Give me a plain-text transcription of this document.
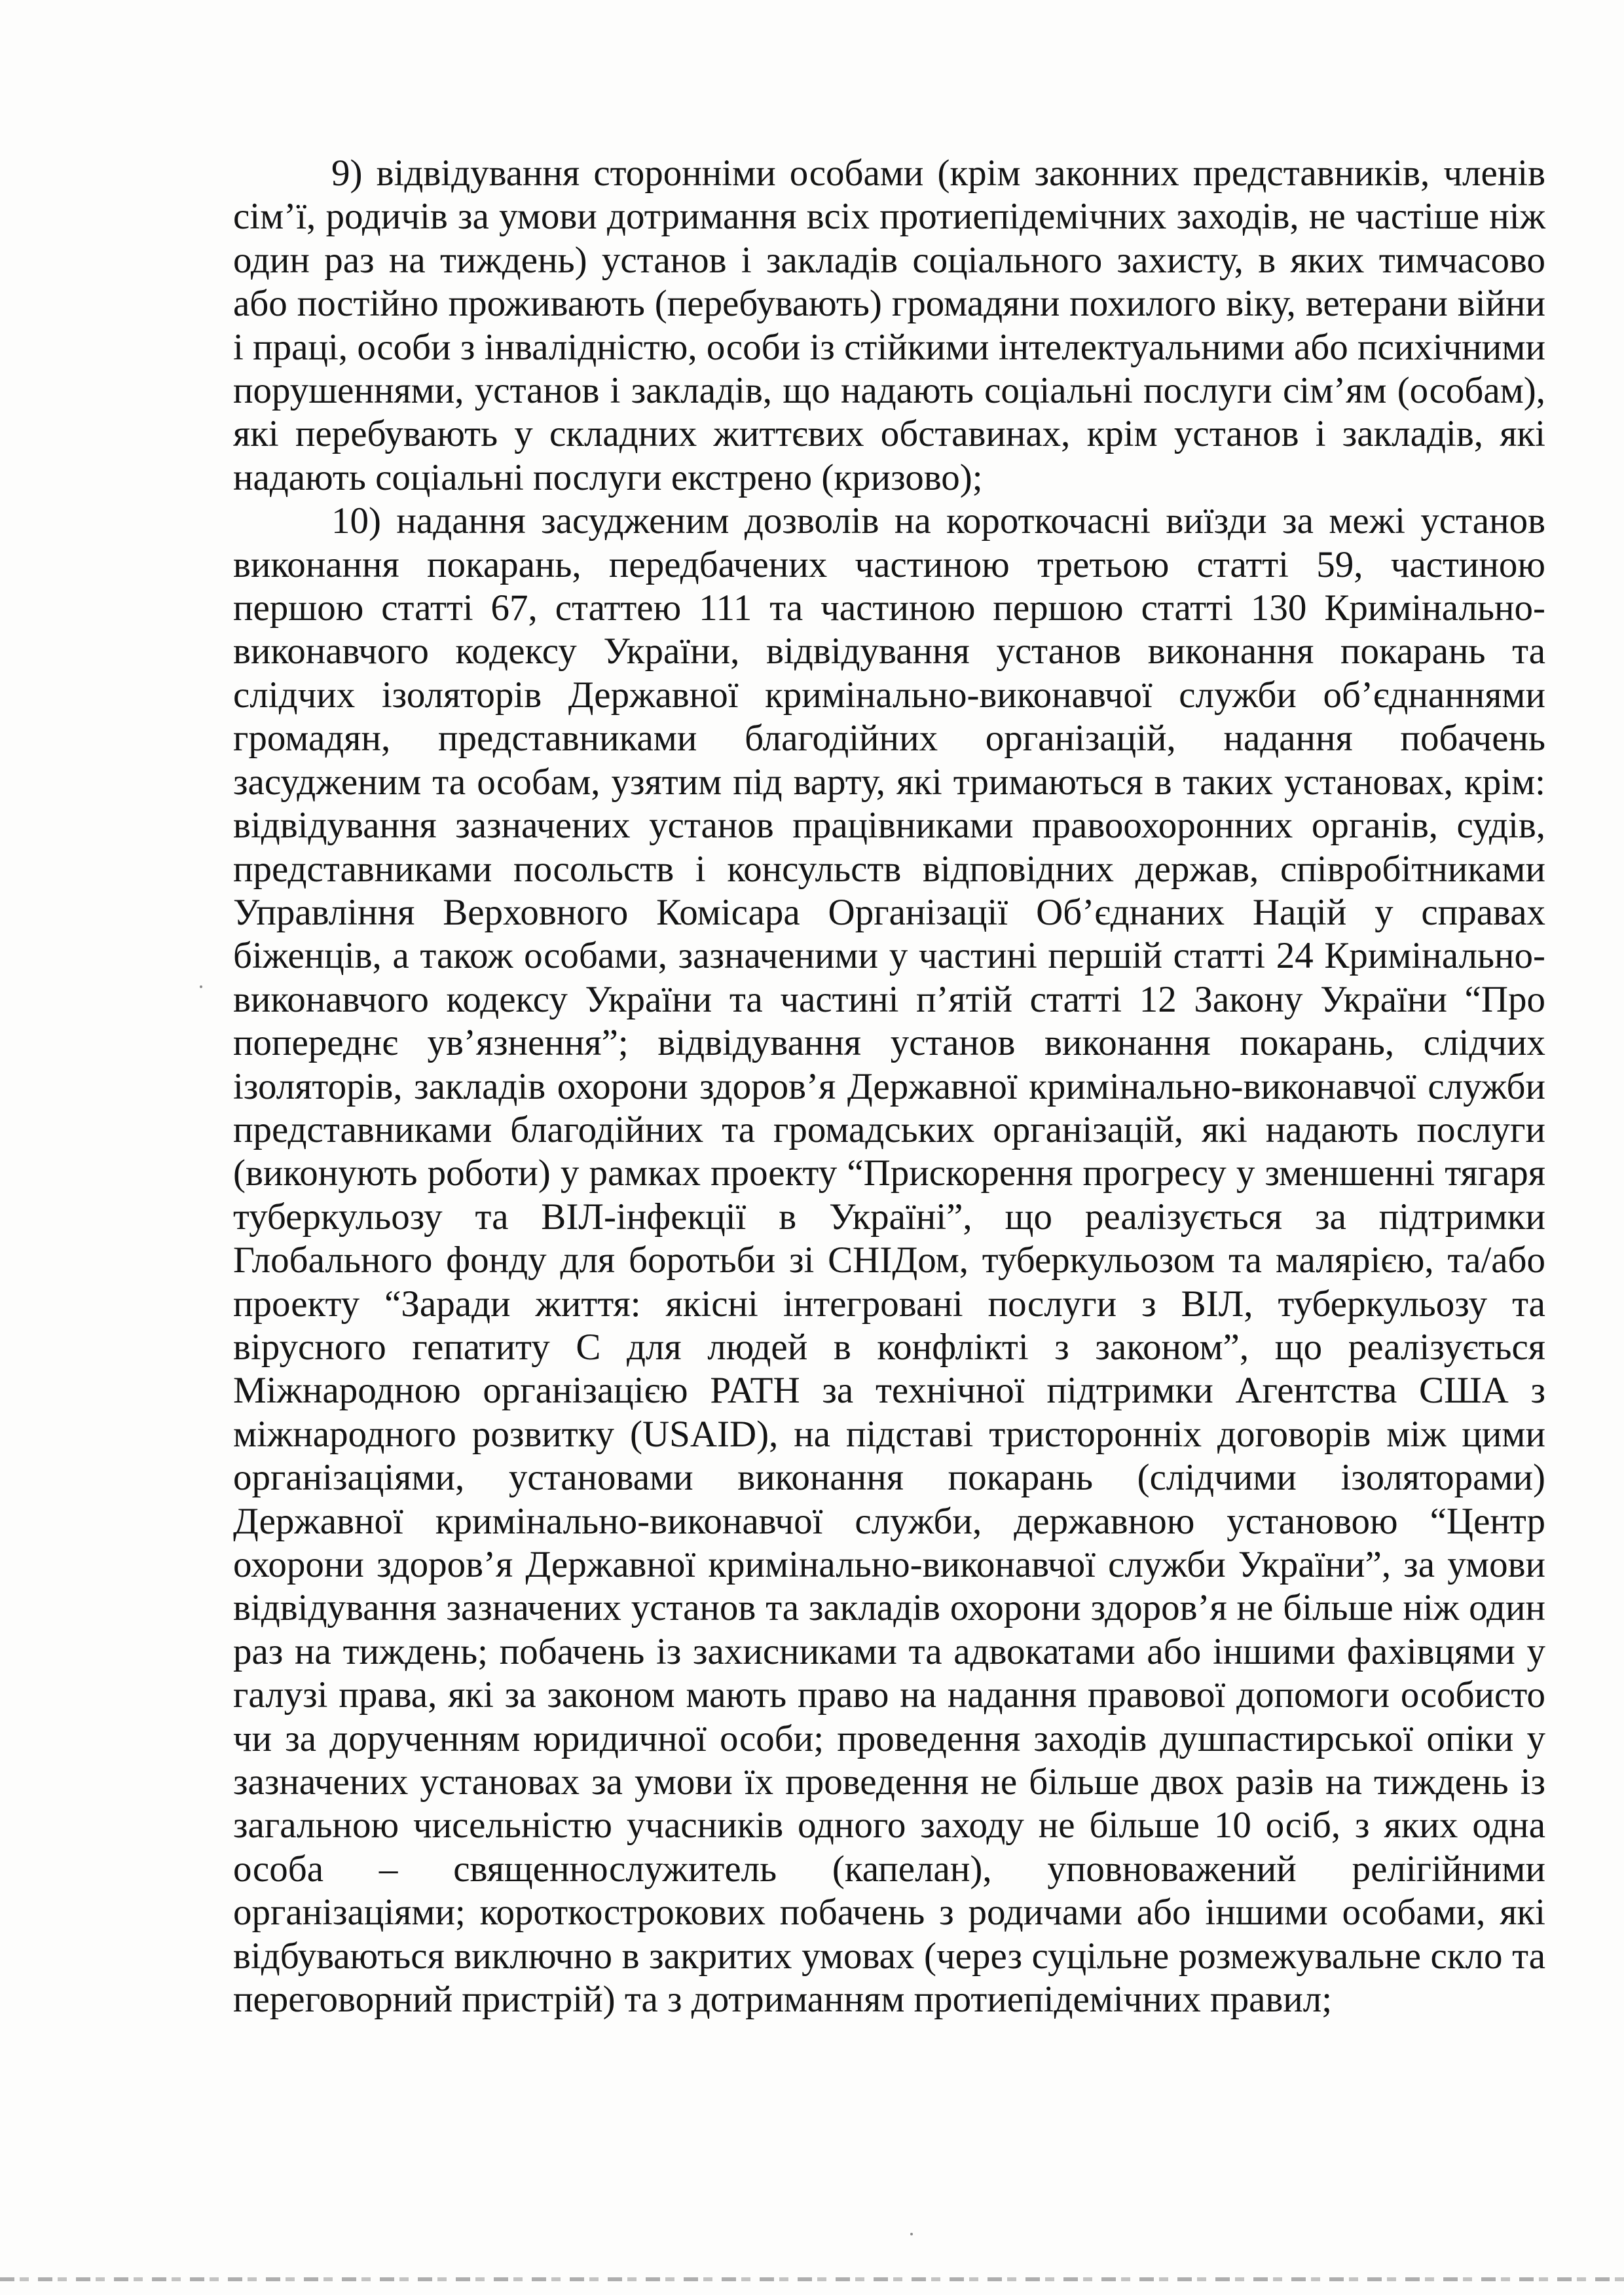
9) відвідування сторонніми особами (крім законних представників, членів сім’ї, родичів за умови дотримання всіх протиепідемічних заходів, не частіше ніж один раз на тиждень) установ і закладів соціального захисту, в яких тимчасово або постійно проживають (перебувають) громадяни похилого віку, ветерани війни і праці, особи з інвалідністю, особи із стійкими інтелектуальними або психічними порушеннями, установ і закладів, що надають соціальні послуги сім’ям (особам), які перебувають у складних життєвих обставинах, крім установ і закладів, які надають соціальні послуги екстрено (кризово);

10) надання засудженим дозволів на короткочасні виїзди за межі установ виконання покарань, передбачених частиною третьою статті 59, частиною першою статті 67, статтею 111 та частиною першою статті 130 Кримінально-виконавчого кодексу України, відвідування установ виконання покарань та слідчих ізоляторів Державної кримінально-виконавчої служби об’єднаннями громадян, представниками благодійних організацій, надання побачень засудженим та особам, узятим під варту, які тримаються в таких установах, крім: відвідування зазначених установ працівниками правоохоронних органів, судів, представниками посольств і консульств відповідних держав, співробітниками Управління Верховного Комісара Організації Об’єднаних Націй у справах біженців, а також особами, зазначеними у частині першій статті 24 Кримінально-виконавчого кодексу України та частині п’ятій статті 12 Закону України “Про попереднє ув’язнення”; відвідування установ виконання покарань, слідчих ізоляторів, закладів охорони здоров’я Державної кримінально-виконавчої служби представниками благодійних та громадських організацій, які надають послуги (виконують роботи) у рамках проекту “Прискорення прогресу у зменшенні тягаря туберкульозу та ВІЛ-інфекції в Україні”, що реалізується за підтримки Глобального фонду для боротьби зі СНІДом, туберкульозом та малярією, та/або проекту “Заради життя: якісні інтегровані послуги з ВІЛ, туберкульозу та вірусного гепатиту C для людей в конфлікті з законом”, що реалізується Міжнародною організацією PATH за технічної підтримки Агентства США з міжнародного розвитку (USAID), на підставі тристоронніх договорів між цими організаціями, установами виконання покарань (слідчими ізоляторами) Державної кримінально-виконавчої служби, державною установою “Центр охорони здоров’я Державної кримінально-виконавчої служби України”, за умови відвідування зазначених установ та закладів охорони здоров’я не більше ніж один раз на тиждень; побачень із захисниками та адвокатами або іншими фахівцями у галузі права, які за законом мають право на надання правової допомоги особисто чи за дорученням юридичної особи; проведення заходів душпастирської опіки у зазначених установах за умови їх проведення не більше двох разів на тиждень із загальною чисельністю учасників одного заходу не більше 10 осіб, з яких одна особа – священнослужитель (капелан), уповноважений релігійними організаціями; короткострокових побачень з родичами або іншими особами, які відбуваються виключно в закритих умовах (через суцільне розмежувальне скло та переговорний пристрій) та з дотриманням протиепідемічних правил;
